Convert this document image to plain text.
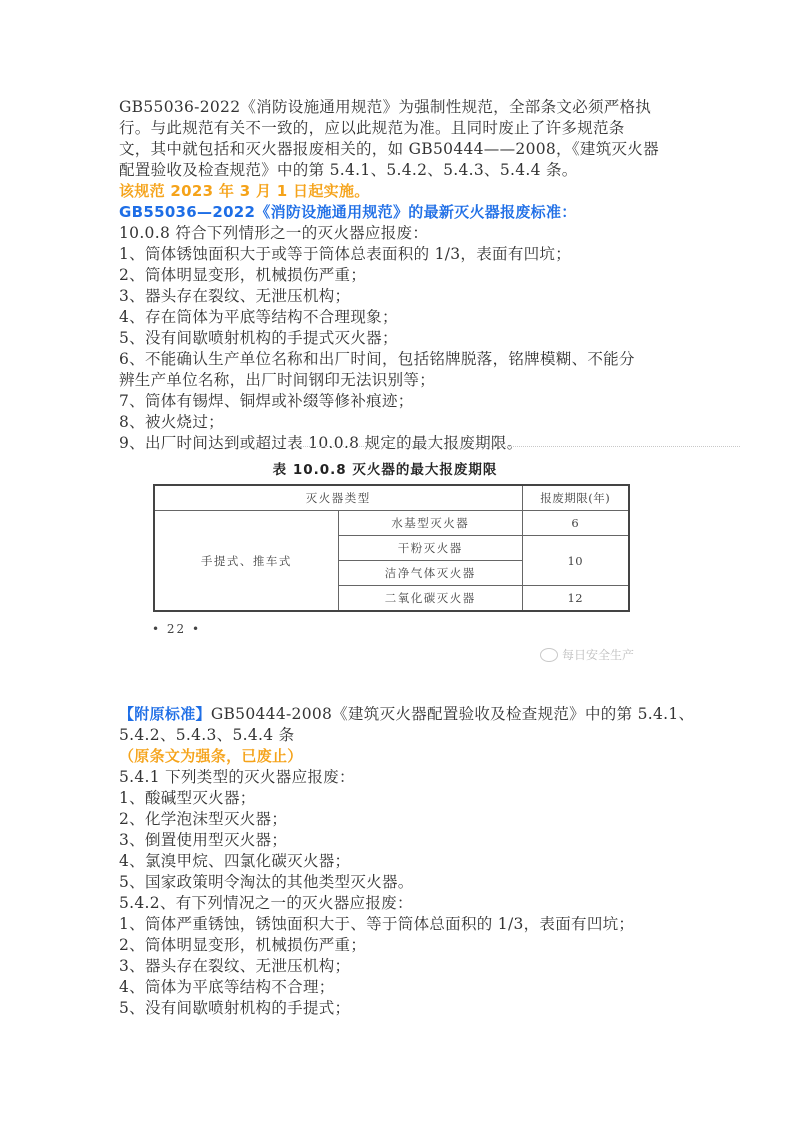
GB55036-2022《消防设施通用规范》为强制性规范，全部条文必须严格执
行。与此规范有关不一致的，应以此规范为准。且同时废止了许多规范条
文，其中就包括和灭火器报废相关的，如 GB50444——2008，《建筑灭火器
配置验收及检查规范》中的第 5.4.1、5.4.2、5.4.3、5.4.4 条。
该规范 2023 年 3 月 1 日起实施。
GB55036—2022《消防设施通用规范》的最新灭火器报废标准：
10.0.8 符合下列情形之一的灭火器应报废：
1、筒体锈蚀面积大于或等于筒体总表面积的 1/3，表面有凹坑；
2、筒体明显变形，机械损伤严重；
3、器头存在裂纹、无泄压机构；
4、存在筒体为平底等结构不合理现象；
5、没有间歇喷射机构的手提式灭火器；
6、不能确认生产单位名称和出厂时间，包括铭牌脱落，铭牌模糊、不能分
辨生产单位名称，出厂时间钢印无法识别等；
7、筒体有锡焊、铜焊或补缀等修补痕迹；
8、被火烧过；
9、出厂时间达到或超过表 10.0.8 规定的最大报废期限。
表 10.0.8 灭火器的最大报废期限
灭火器类型		报废期限(年)
手提式、推车式	水基型灭火器	6
	干粉灭火器	10
	洁净气体灭火器	
	二氧化碳灭火器	12
• 22 •
每日安全生产
【附原标准】GB50444-2008《建筑灭火器配置验收及检查规范》中的第 5.4.1、
5.4.2、5.4.3、5.4.4 条
（原条文为强条，已废止）
5.4.1 下列类型的灭火器应报废：
1、酸碱型灭火器；
2、化学泡沫型灭火器；
3、倒置使用型灭火器；
4、氯溴甲烷、四氯化碳灭火器；
5、国家政策明令淘汰的其他类型灭火器。
5.4.2、有下列情况之一的灭火器应报废：
1、筒体严重锈蚀，锈蚀面积大于、等于筒体总面积的 1/3，表面有凹坑；
2、筒体明显变形，机械损伤严重；
3、器头存在裂纹、无泄压机构；
4、筒体为平底等结构不合理；
5、没有间歇喷射机构的手提式；
